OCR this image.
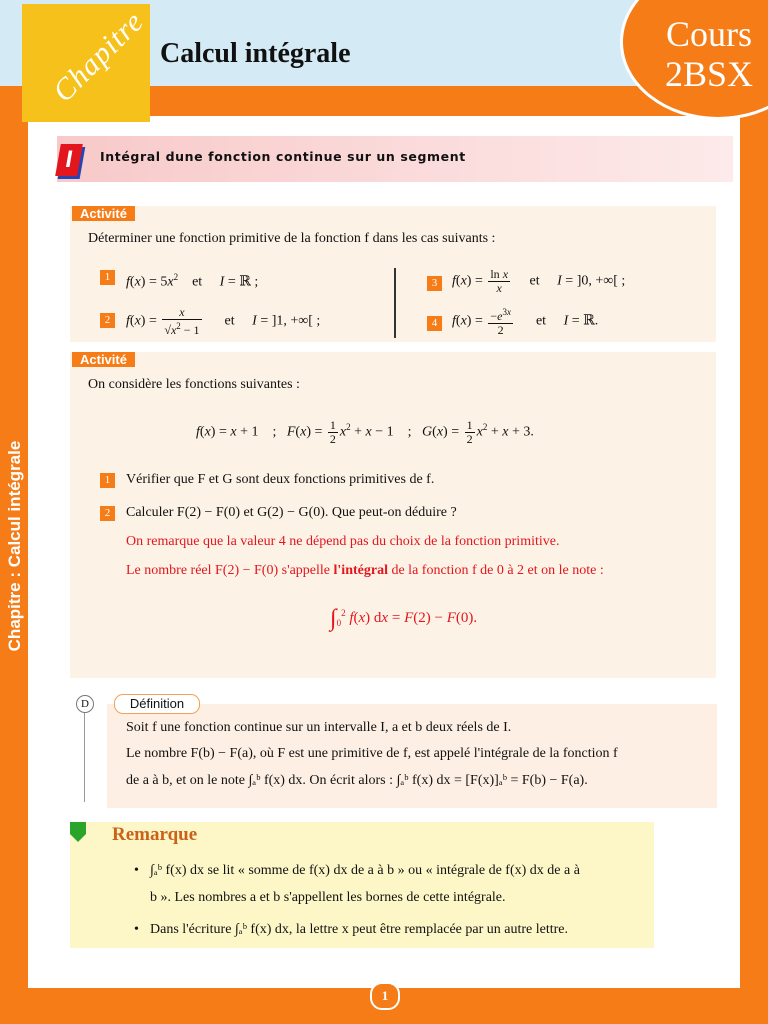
Chapitre Calcul intégrale	Cours
2BSX
Chapitre : Calcul intégrale
I	Intégral dune fonction continue sur un segment
Activité
Déterminer une fonction primitive de la fonction f dans les cas suivants :
1	$f(x) = 5x^2$    et     I = ℝ ;
2	$f(x) = \frac{x}{√x^2 - 1}$ et     I = ]1, +∞[ ;
3	$f(x) = \frac{\text{ln x}}{x}$ et     I = ]0, +∞[ ;
4	$f(x) = \frac{-e^{3x}}{2}$ et     I = ℝ.
Activité
On considère les fonctions suivantes :
f(x) = x + 1    ;   $F(x) = \frac{1}{2} x^2 + x - 1$    ;   $G(x) = \frac{1}{2} x^2 + x + 3$.
1	Vérifier que F et G sont deux fonctions primitives de f.
2	Calculer F(2) − F(0) et G(2) − G(0). Que peut-on déduire ?
On remarque que la valeur 4 ne dépend pas du choix de la fonction primitive.
Le nombre réel F(2) − F(0) s'appelle l'intégral de la fonction f de 0 à 2 et on le note :
$\int_0^2$ f(x) dx = F(2) − F(0).
D	Définition
Soit f une fonction continue sur un intervalle I, a et b deux réels de I.
Le nombre F(b) − F(a), où F est une primitive de f, est appelé l'intégrale de la fonction f
de a à b, et on le note ∫ₐᵇ f(x) dx. On écrit alors : ∫ₐᵇ f(x) dx = [F(x)]ₐᵇ = F(b) − F(a).
Remarque
• ∫ₐᵇ f(x) dx se lit « somme de f(x) dx de a à b » ou « intégrale de f(x) dx de a à
b ». Les nombres a et b s'appellent les bornes de cette intégrale.
• Dans l'écriture ∫ₐᵇ f(x) dx, la lettre x peut être remplacée par un autre lettre.
1
